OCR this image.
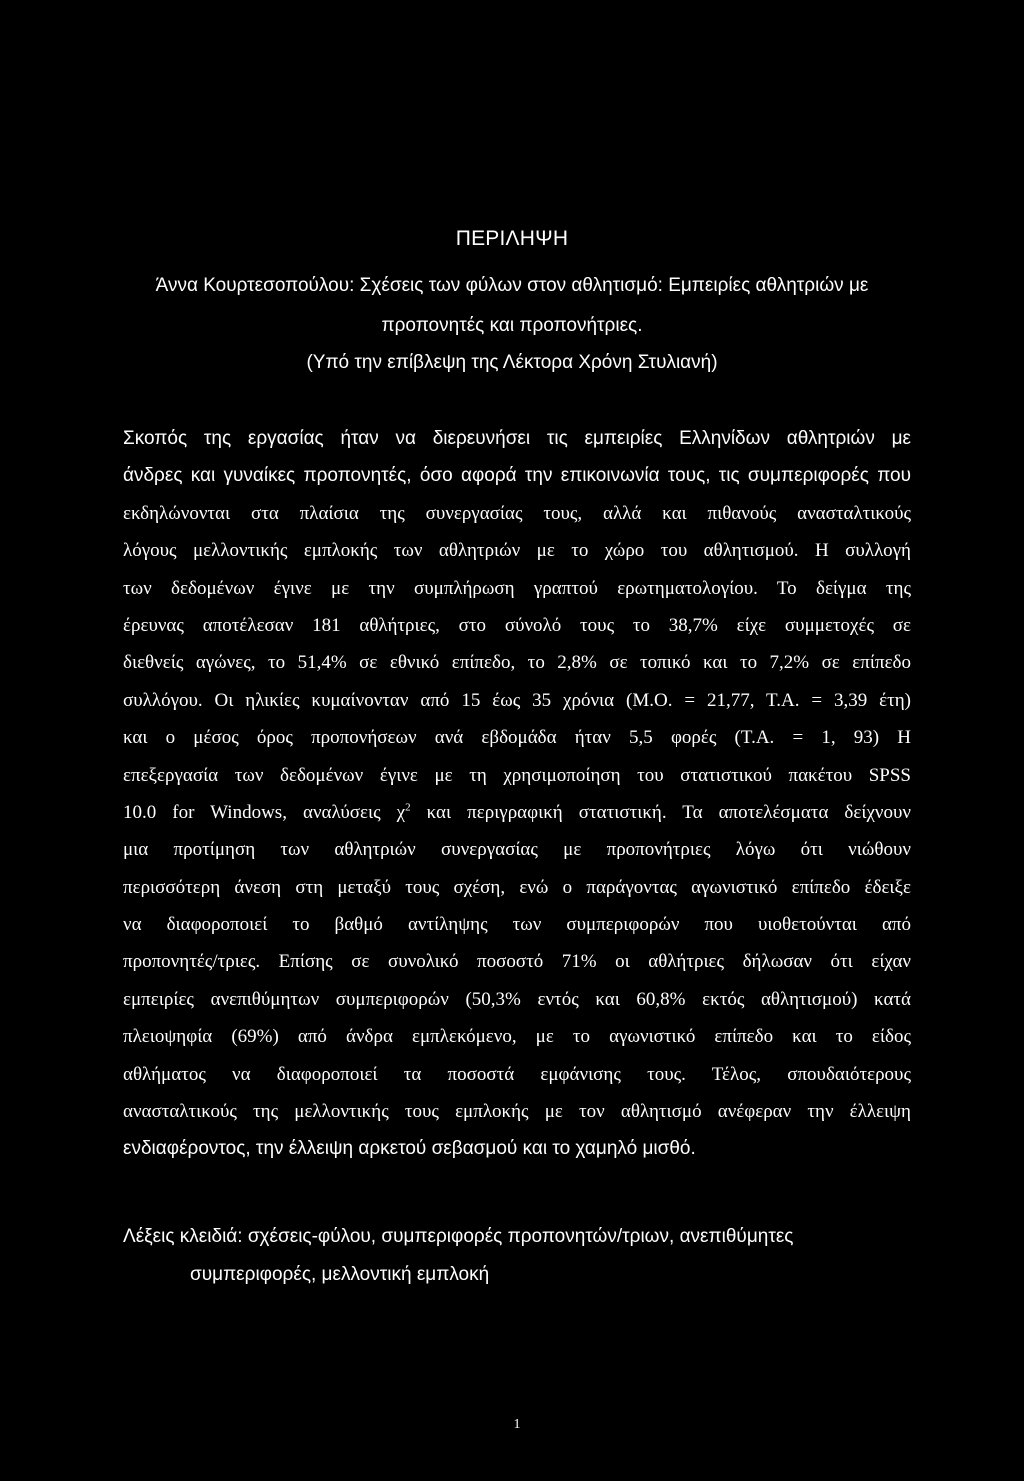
ΠΕΡΙΛΗΨΗ
Άννα Κουρτεσοπούλου: Σχέσεις των φύλων στον αθλητισμό: Εμπειρίες αθλητριών με
προπονητές και προπονήτριες.
(Υπό την επίβλεψη της Λέκτορα Χρόνη Στυλιανή)
Σκοπός της εργασίας ήταν να διερευνήσει τις εμπειρίες Ελληνίδων αθλητριών με
άνδρες και γυναίκες προπονητές, όσο αφορά την επικοινωνία τους, τις συμπεριφορές που
εκδηλώνονται στα πλαίσια της συνεργασίας τους, αλλά και πιθανούς ανασταλτικούς
λόγους μελλοντικής εμπλοκής των αθλητριών με το χώρο του αθλητισμού. Η συλλογή
των δεδομένων έγινε με την συμπλήρωση γραπτού ερωτηματολογίου. Το δείγμα της
έρευνας αποτέλεσαν 181 αθλήτριες, στο σύνολό τους το 38,7% είχε συμμετοχές σε
διεθνείς αγώνες, το 51,4% σε εθνικό επίπεδο, το 2,8% σε τοπικό και το 7,2% σε επίπεδο
συλλόγου. Οι ηλικίες κυμαίνονταν από 15 έως 35 χρόνια (Μ.Ο. = 21,77, Τ.Α. = 3,39 έτη)
και ο μέσος όρος προπονήσεων ανά εβδομάδα ήταν 5,5 φορές (Τ.Α. = 1, 93) Η
επεξεργασία των δεδομένων έγινε με τη χρησιμοποίηση του στατιστικού πακέτου SPSS
10.0 for Windows, αναλύσεις $\chi^2$ και περιγραφική στατιστική. Τα αποτελέσματα δείχνουν
μια προτίμηση των αθλητριών συνεργασίας με προπονήτριες λόγω ότι νιώθουν
περισσότερη άνεση στη μεταξύ τους σχέση, ενώ ο παράγοντας αγωνιστικό επίπεδο έδειξε
να διαφοροποιεί το βαθμό αντίληψης των συμπεριφορών που υιοθετούνται από
προπονητές/τριες. Επίσης σε συνολικό ποσοστό 71% οι αθλήτριες δήλωσαν ότι είχαν
εμπειρίες ανεπιθύμητων συμπεριφορών (50,3% εντός και 60,8% εκτός αθλητισμού) κατά
πλειοψηφία (69%) από άνδρα εμπλεκόμενο, με το αγωνιστικό επίπεδο και το είδος
αθλήματος να διαφοροποιεί τα ποσοστά εμφάνισης τους. Τέλος, σπουδαιότερους
ανασταλτικούς της μελλοντικής τους εμπλοκής με τον αθλητισμό ανέφεραν την έλλειψη
ενδιαφέροντος, την έλλειψη αρκετού σεβασμού και το χαμηλό μισθό.
Λέξεις κλειδιά: σχέσεις-φύλου, συμπεριφορές προπονητών/τριων, ανεπιθύμητες
συμπεριφορές, μελλοντική εμπλοκή
1
